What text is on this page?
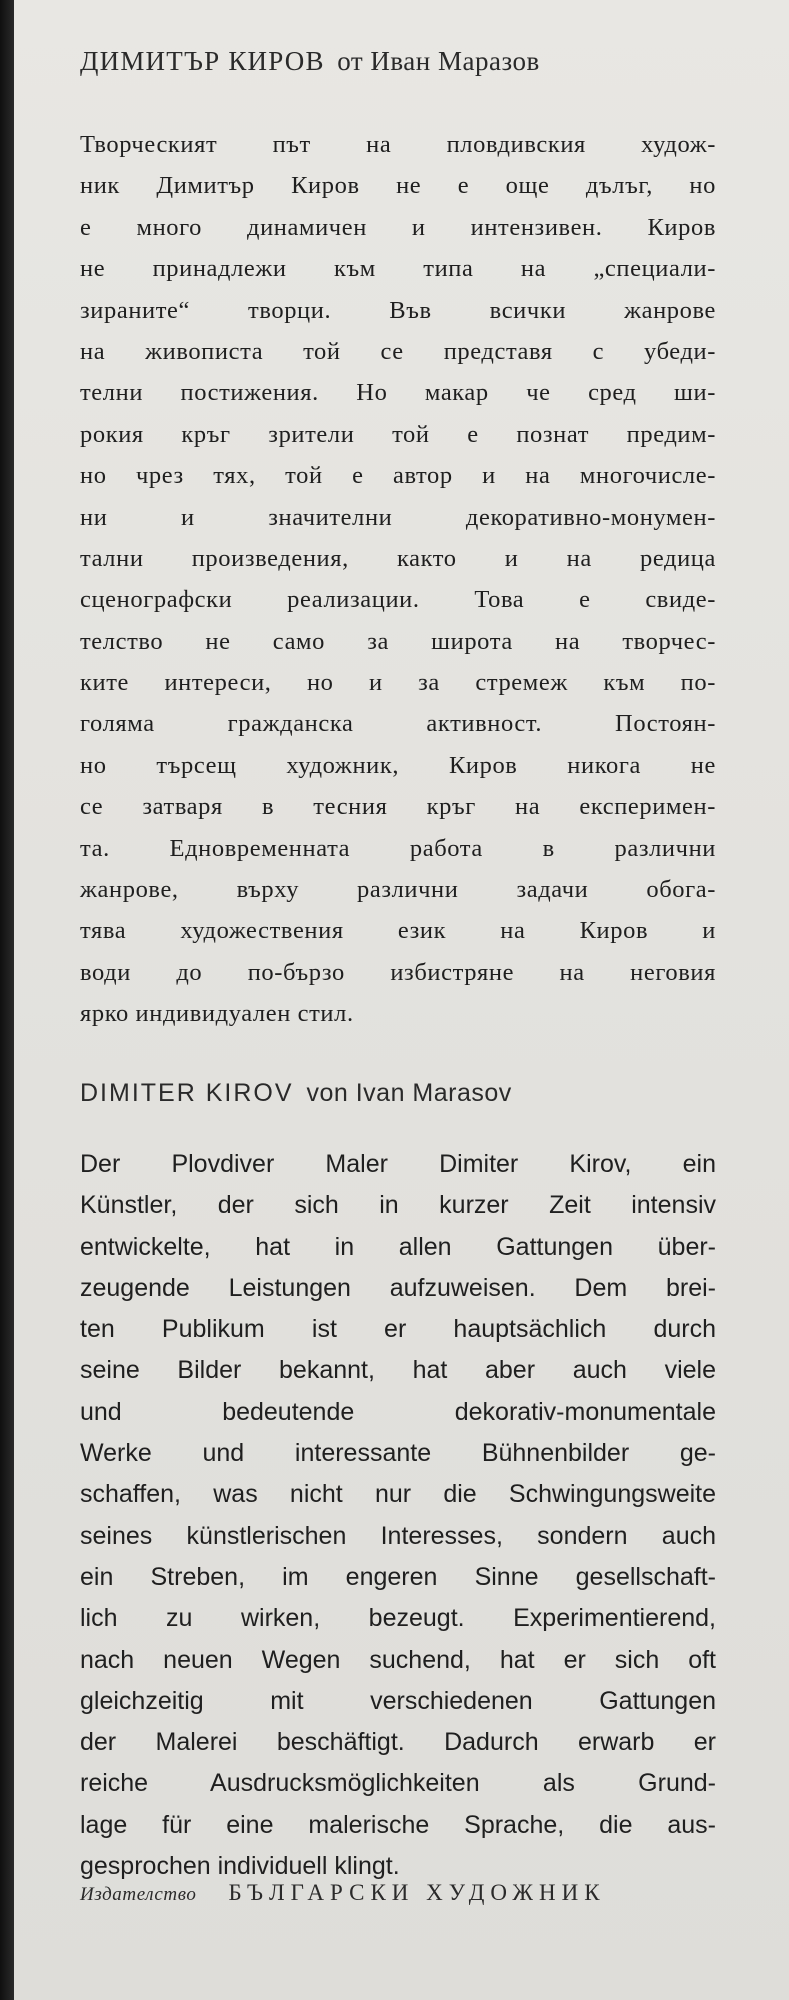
ДИМИТЪР КИРОВ от Иван Маразов
Творческият път на пловдивския худож-
ник Димитър Киров не е още дълъг, но
е много динамичен и интензивен. Киров
не принадлежи към типа на „специали-
зираните“ творци. Във всички жанрове
на живописта той се представя с убеди-
телни постижения. Но макар че сред ши-
рокия кръг зрители той е познат предим-
но чрез тях, той е автор и на многочисле-
ни и значителни декоративно-монумен-
тални произведения, както и на редица
сценографски реализации. Това е свиде-
телство не само за широта на творчес-
ките интереси, но и за стремеж към по-
голяма гражданска активност. Постоян-
но търсещ художник, Киров никога не
се затваря в тесния кръг на експеримен-
та. Едновременната работа в различни
жанрове, върху различни задачи обога-
тява художествения език на Киров и
води до по-бързо избистряне на неговия
ярко индивидуален стил.
DIMITER KIROV von Ivan Marasov
Der Plovdiver Maler Dimiter Kirov, ein
Künstler, der sich in kurzer Zeit intensiv
entwickelte, hat in allen Gattungen über-
zeugende Leistungen aufzuweisen. Dem brei-
ten Publikum ist er hauptsächlich durch
seine Bilder bekannt, hat aber auch viele
und bedeutende dekorativ-monumentale
Werke und interessante Bühnenbilder ge-
schaffen, was nicht nur die Schwingungsweite
seines künstlerischen Interesses, sondern auch
ein Streben, im engeren Sinne gesellschaft-
lich zu wirken, bezeugt. Experimentierend,
nach neuen Wegen suchend, hat er sich oft
gleichzeitig mit verschiedenen Gattungen
der Malerei beschäftigt. Dadurch erwarb er
reiche Ausdrucksmöglichkeiten als Grund-
lage für eine malerische Sprache, die aus-
gesprochen individuell klingt.
Издателство БЪЛГАРСКИ ХУДОЖНИК
